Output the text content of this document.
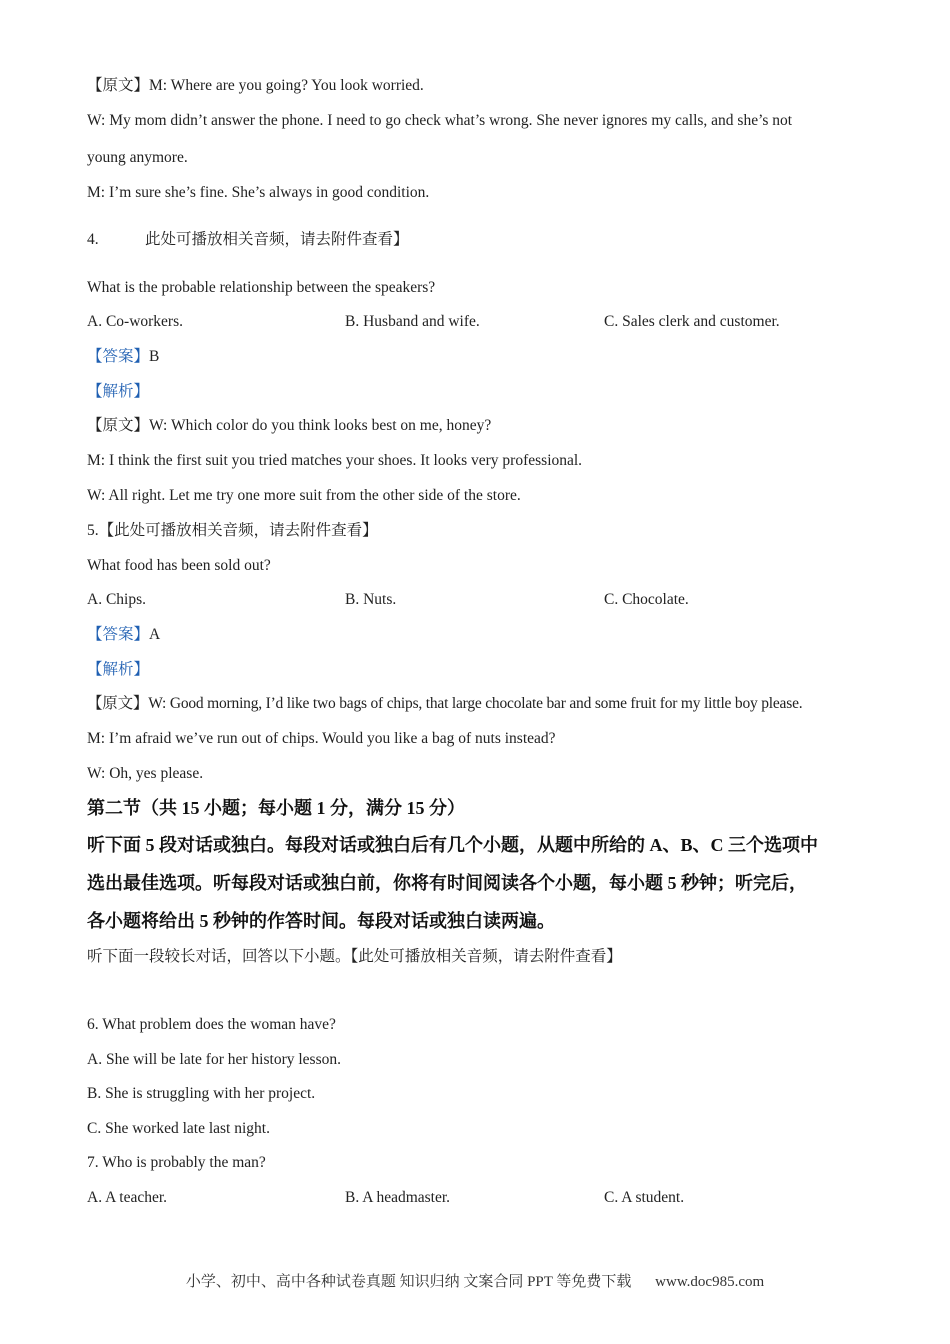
【原文】M: Where are you going? You look worried.
W: My mom didn’t answer the phone. I need to go check what’s wrong. She never ignores my calls, and she’s not
young anymore.
M: I’m sure she’s fine. She’s always in good condition.
4.	此处可播放相关音频，请去附件查看】
What is the probable relationship between the speakers?
A. Co-workers.	B. Husband and wife.	C. Sales clerk and customer.
【答案】B
【解析】
【原文】W: Which color do you think looks best on me, honey?
M: I think the first suit you tried matches your shoes. It looks very professional.
W: All right. Let me try one more suit from the other side of the store.
5.【此处可播放相关音频，请去附件查看】
What food has been sold out?
A. Chips.	B. Nuts.	C. Chocolate.
【答案】A
【解析】
【原文】W: Good morning, I’d like two bags of chips, that large chocolate bar and some fruit for my little boy please.
M: I’m afraid we’ve run out of chips. Would you like a bag of nuts instead?
W: Oh, yes please.
第二节（共 15 小题；每小题 1 分，满分 15 分）
听下面 5 段对话或独白。每段对话或独白后有几个小题，从题中所给的 A、B、C 三个选项中
选出最佳选项。听每段对话或独白前，你将有时间阅读各个小题，每小题 5 秒钟；听完后，
各小题将给出 5 秒钟的作答时间。每段对话或独白读两遍。
听下面一段较长对话，回答以下小题。【此处可播放相关音频，请去附件查看】
6. What problem does the woman have?
A. She will be late for her history lesson.
B. She is struggling with her project.
C. She worked late last night.
7. Who is probably the man?
A. A teacher.	B. A headmaster.	C. A student.
小学、初中、高中各种试卷真题 知识归纳 文案合同 PPT 等免费下载 www.doc985.com
